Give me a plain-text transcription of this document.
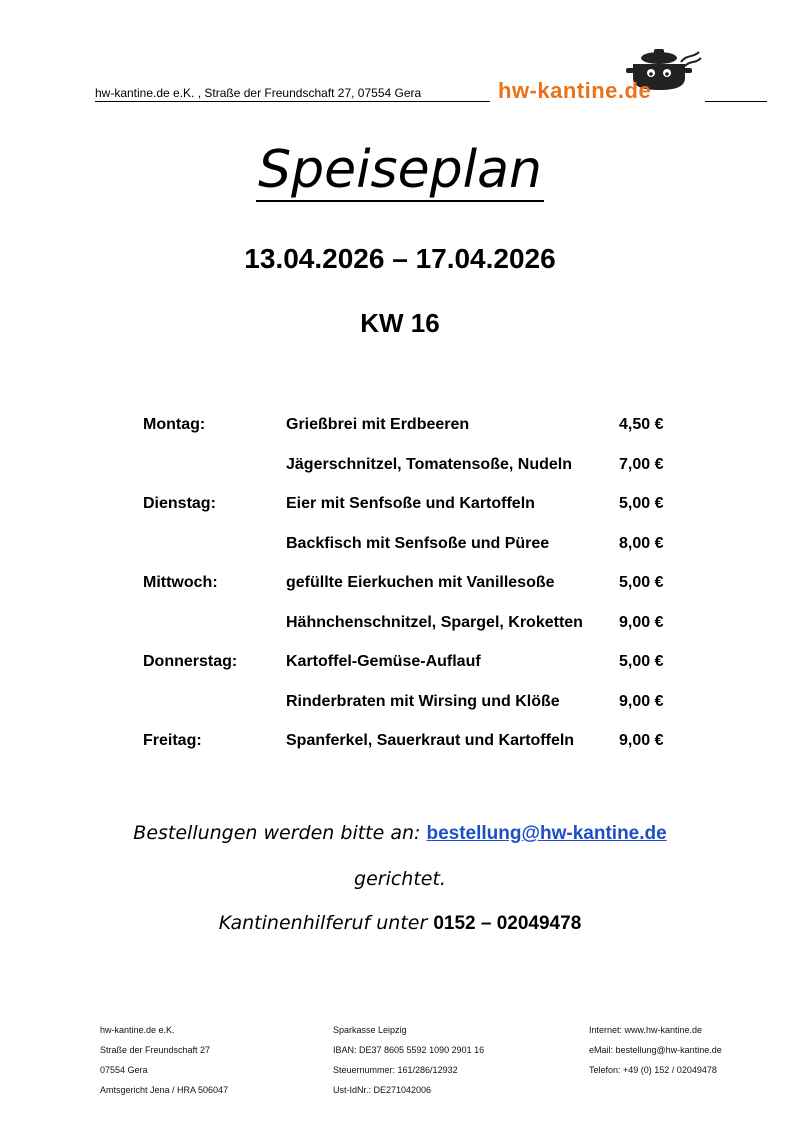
hw-kantine.de e.K. , Straße der Freundschaft 27, 07554 Gera	hw-kantine.de
Speiseplan
13.04.2026 – 17.04.2026
KW 16
Montag:	Grießbrei mit Erdbeeren	4,50 €
Jägerschnitzel, Tomatensoße, Nudeln	7,00 €
Dienstag:	Eier mit Senfsoße und Kartoffeln	5,00 €
Backfisch mit Senfsoße und Püree	8,00 €
Mittwoch:	gefüllte Eierkuchen mit Vanillesoße	5,00 €
Hähnchenschnitzel, Spargel, Kroketten 9,00 €
Donnerstag:	Kartoffel-Gemüse-Auflauf	5,00 €
Rinderbraten mit Wirsing und Klöße	9,00 €
Freitag:	Spanferkel, Sauerkraut und Kartoffeln	9,00 €
Bestellungen werden bitte an: bestellung@hw-kantine.de
gerichtet.
Kantinenhilferuf unter 0152 – 02049478
hw-kantine.de e.K.
Straße der Freundschaft 27
07554 Gera
Amtsgericht Jena / HRA 506047
Sparkasse Leipzig
IBAN: DE37 8605 5592 1090 2901 16
Steuernummer: 161/286/12932
Ust-IdNr.: DE271042006
Internet: www.hw-kantine.de
eMail: bestellung@hw-kantine.de
Telefon: +49 (0) 152 / 02049478
